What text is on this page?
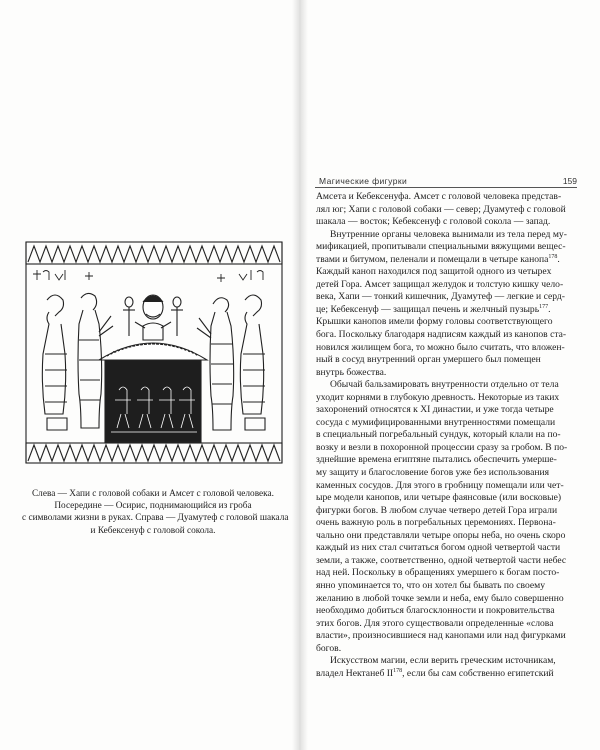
Слева — Хапи с головой собаки и Амсет с головой человека.
Посередине — Осирис, поднимающийся из гроба
с символами жизни в руках. Справа — Дуамутеф с головой шакала
и Кебексенуф с головой сокола.
Магические фигурки	159
Амсета и Кебексенуфа. Амсет с головой человека представ-
лял юг; Хапи с головой собаки — север; Дуамутеф с головой
шакала — восток; Кебексенуф с головой сокола — запад.
Внутренние органы человека вынимали из тела перед му-
мификацией, пропитывали специальными вяжущими вещес-
твами и битумом, пеленали и помещали в четыре канопа$^{178}$.
Каждый каноп находился под защитой одного из четырех
детей Гора. Амсет защищал желудок и толстую кишку чело-
века, Хапи — тонкий кишечник, Дуамутеф — легкие и серд-
це; Кебексенуф — защищал печень и желчный пузырь$^{177}$.
Крышки канопов имели форму головы соответствующего
бога. Поскольку благодаря надписям каждый из канопов ста-
новился жилищем бога, то можно было считать, что вложен-
ный в сосуд внутренний орган умершего был помещен
внутрь божества.
Обычай бальзамировать внутренности отдельно от тела
уходит корнями в глубокую древность. Некоторые из таких
захоронений относятся к XI династии, и уже тогда четыре
сосуда с мумифицированными внутренностями помещали
в специальный погребальный сундук, который клали на по-
возку и везли в похоронной процессии сразу за гробом. В по-
зднейшие времена египтяне пытались обеспечить умерше-
му защиту и благословение богов уже без использования
каменных сосудов. Для этого в гробницу помещали или чет-
ыре модели канопов, или четыре фаянсовые (или восковые)
фигурки богов. В любом случае четверо детей Гора играли
очень важную роль в погребальных церемониях. Первона-
чально они представляли четыре опоры неба, но очень скоро
каждый из них стал считаться богом одной четвертой части
земли, а также, соответственно, одной четвертой части небес
над ней. Поскольку в обращениях умершего к богам посто-
янно упоминается то, что он хотел бы бывать по своему
желанию в любой точке земли и неба, ему было совершенно
необходимо добиться благосклонности и покровительства
этих богов. Для этого существовали определенные «слова
власти», произносившиеся над канопами или над фигурками
богов.
Искусством магии, если верить греческим источникам,
владел Нектанеб II$^{178}$, если бы сам собственно египетский
